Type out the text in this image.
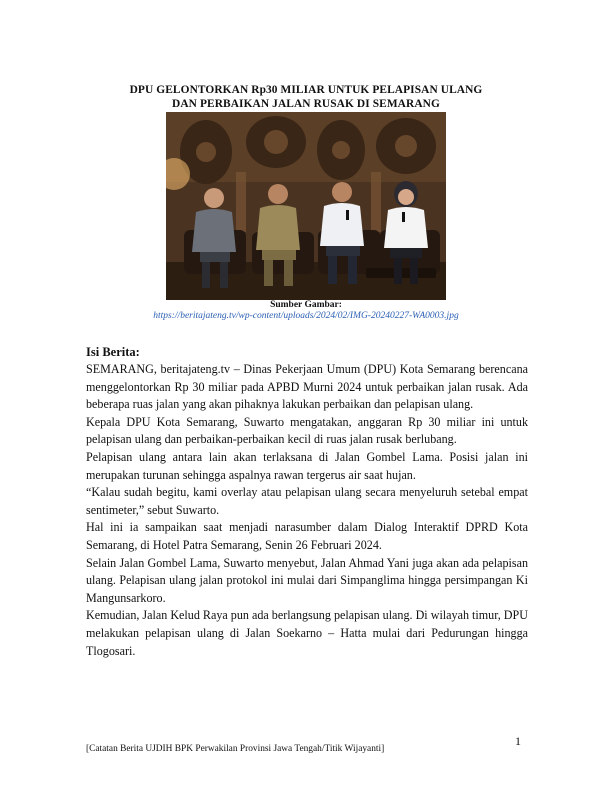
DPU GELONTORKAN Rp30 MILIAR UNTUK PELAPISAN ULANG
DAN PERBAIKAN JALAN RUSAK DI SEMARANG
Sumber Gambar:
https://beritajateng.tv/wp-content/uploads/2024/02/IMG-20240227-WA0003.jpg
Isi Berita:

SEMARANG, beritajateng.tv – Dinas Pekerjaan Umum (DPU) Kota Semarang berencana menggelontorkan Rp 30 miliar pada APBD Murni 2024 untuk perbaikan jalan rusak. Ada beberapa ruas jalan yang akan pihaknya lakukan perbaikan dan pelapisan ulang.

Kepala DPU Kota Semarang, Suwarto mengatakan, anggaran Rp 30 miliar ini untuk pelapisan ulang dan perbaikan-perbaikan kecil di ruas jalan rusak berlubang.

Pelapisan ulang antara lain akan terlaksana di Jalan Gombel Lama. Posisi jalan ini merupakan turunan sehingga aspalnya rawan tergerus air saat hujan.

“Kalau sudah begitu, kami overlay atau pelapisan ulang secara menyeluruh setebal empat sentimeter,” sebut Suwarto.

Hal ini ia sampaikan saat menjadi narasumber dalam Dialog Interaktif DPRD Kota Semarang, di Hotel Patra Semarang, Senin 26 Februari 2024.

Selain Jalan Gombel Lama, Suwarto menyebut, Jalan Ahmad Yani juga akan ada pelapisan ulang. Pelapisan ulang jalan protokol ini mulai dari Simpanglima hingga persimpangan Ki Mangunsarkoro.

Kemudian, Jalan Kelud Raya pun ada berlangsung pelapisan ulang. Di wilayah timur, DPU melakukan pelapisan ulang di Jalan Soekarno – Hatta mulai dari Pedurungan hingga Tlogosari.

1
[Catatan Berita UJDIH BPK Perwakilan Provinsi Jawa Tengah/Titik Wijayanti]
